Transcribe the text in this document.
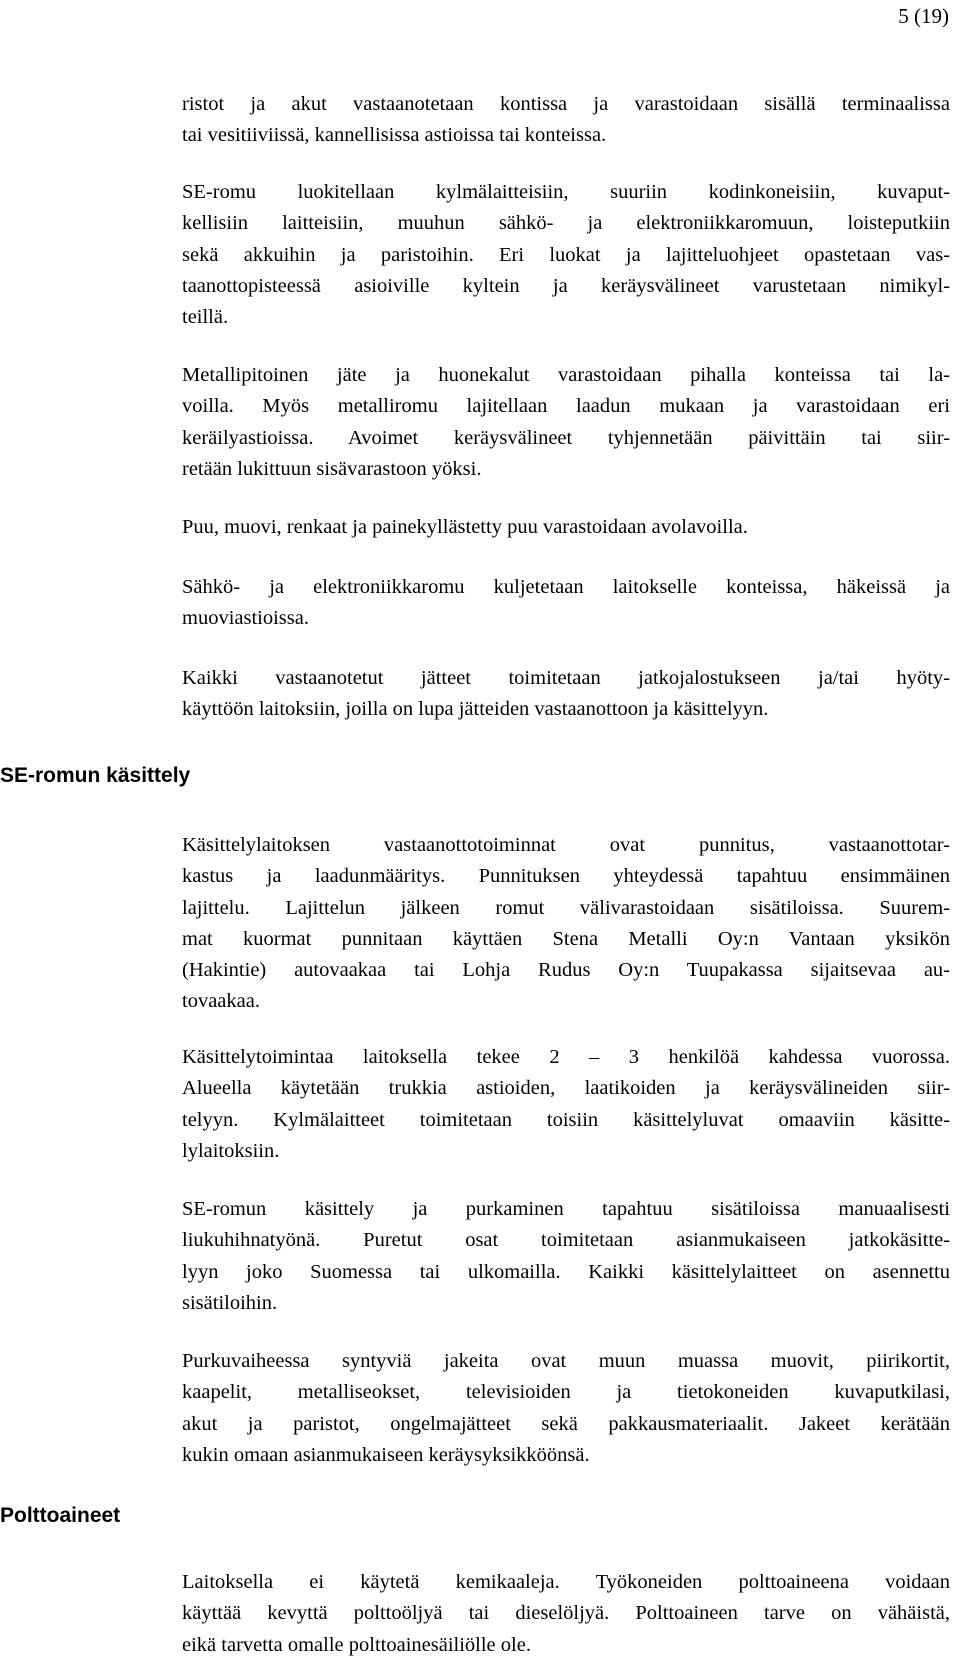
5 (19)
SE-romun käsittely
Polttoaineet
ristot ja akut vastaanotetaan kontissa ja varastoidaan sisällä terminaalissa
tai vesitiiviissä, kannellisissa astioissa tai konteissa.
SE-romu luokitellaan kylmälaitteisiin, suuriin kodinkoneisiin, kuvaput-
kellisiin laitteisiin, muuhun sähkö- ja elektroniikkaromuun, loisteputkiin
sekä akkuihin ja paristoihin. Eri luokat ja lajitteluohjeet opastetaan vas-
taanottopisteessä asioiville kyltein ja keräysvälineet varustetaan nimikyl-
teillä.
Metallipitoinen jäte ja huonekalut varastoidaan pihalla konteissa tai la-
voilla. Myös metalliromu lajitellaan laadun mukaan ja varastoidaan eri
keräilyastioissa. Avoimet keräysvälineet tyhjennetään päivittäin tai siir-
retään lukittuun sisävarastoon yöksi.
Puu, muovi, renkaat ja painekyllästetty puu varastoidaan avolavoilla.
Sähkö- ja elektroniikkaromu kuljetetaan laitokselle konteissa, häkeissä ja
muoviastioissa.
Kaikki vastaanotetut jätteet toimitetaan jatkojalostukseen ja/tai hyöty-
käyttöön laitoksiin, joilla on lupa jätteiden vastaanottoon ja käsittelyyn.
Käsittelylaitoksen vastaanottotoiminnat ovat punnitus, vastaanottotar-
kastus ja laadunmääritys. Punnituksen yhteydessä tapahtuu ensimmäinen
lajittelu. Lajittelun jälkeen romut välivarastoidaan sisätiloissa. Suurem-
mat kuormat punnitaan käyttäen Stena Metalli Oy:n Vantaan yksikön
(Hakintie) autovaakaa tai Lohja Rudus Oy:n Tuupakassa sijaitsevaa au-
tovaakaa.
Käsittelytoimintaa laitoksella tekee 2 – 3 henkilöä kahdessa vuorossa.
Alueella käytetään trukkia astioiden, laatikoiden ja keräysvälineiden siir-
telyyn. Kylmälaitteet toimitetaan toisiin käsittelyluvat omaaviin käsitte-
lylaitoksiin.
SE-romun käsittely ja purkaminen tapahtuu sisätiloissa manuaalisesti
liukuhihnatyönä. Puretut osat toimitetaan asianmukaiseen jatkokäsitte-
lyyn joko Suomessa tai ulkomailla. Kaikki käsittelylaitteet on asennettu
sisätiloihin.
Purkuvaiheessa syntyviä jakeita ovat muun muassa muovit, piirikortit,
kaapelit, metalliseokset, televisioiden ja tietokoneiden kuvaputkilasi,
akut ja paristot, ongelmajätteet sekä pakkausmateriaalit. Jakeet kerätään
kukin omaan asianmukaiseen keräysyksikköönsä.
Laitoksella ei käytetä kemikaaleja. Työkoneiden polttoaineena voidaan
käyttää kevyttä polttoöljyä tai dieselöljyä. Polttoaineen tarve on vähäistä,
eikä tarvetta omalle polttoainesäiliölle ole.
